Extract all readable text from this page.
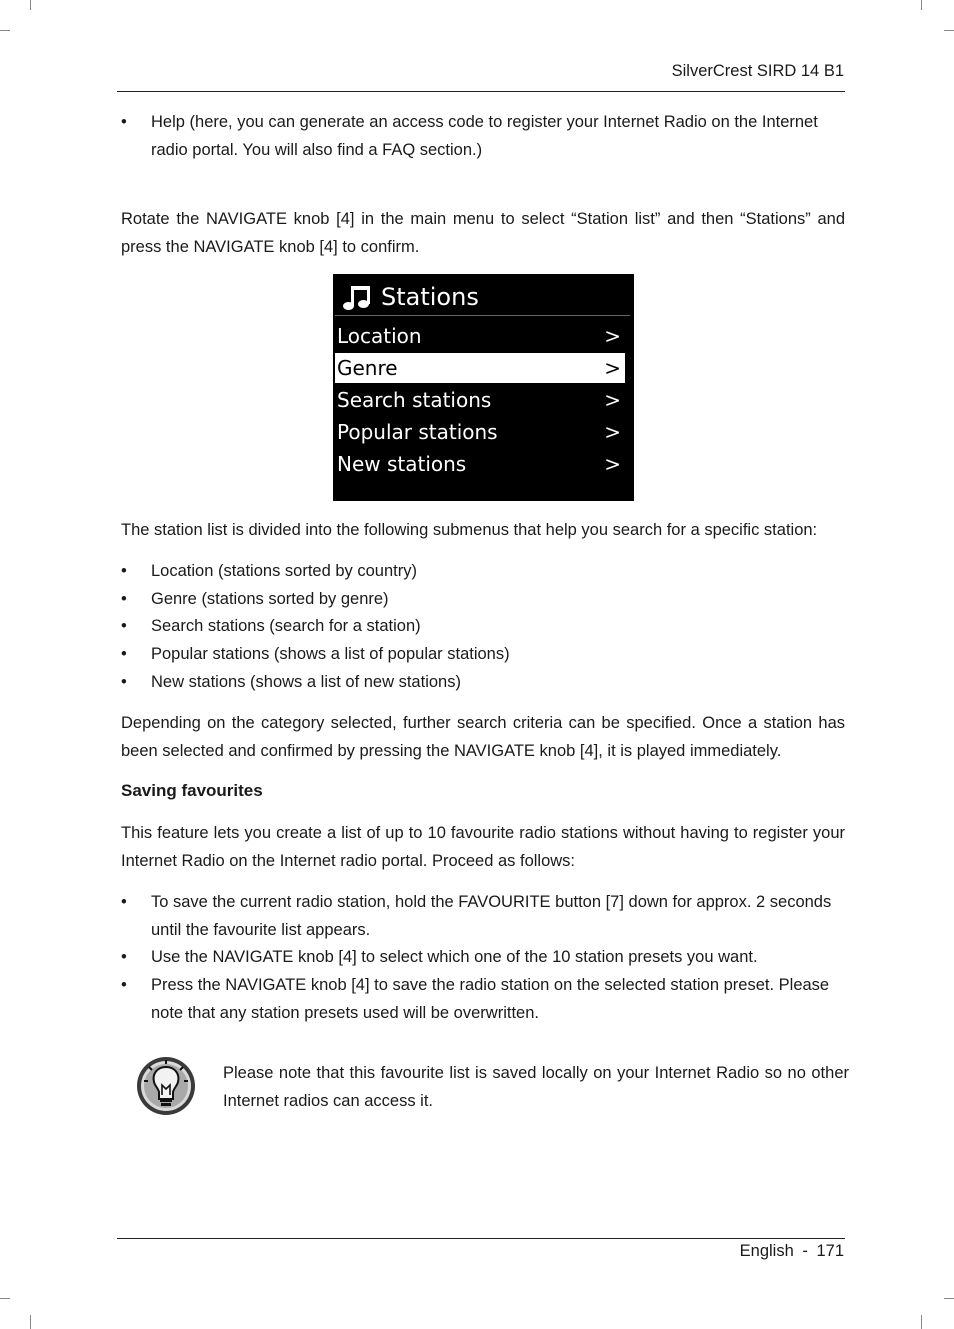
SilverCrest SIRD 14 B1
• Help (here, you can generate an access code to register your Internet Radio on the Internet radio portal. You will also find a FAQ section.)
Rotate the NAVIGATE knob [4] in the main menu to select “Station list” and then “Stations” and press the NAVIGATE knob [4] to confirm.
Stations
Location	>
Genre	>
Search stations	>
Popular stations	>
New stations	>
The station list is divided into the following submenus that help you search for a specific station:
• Location (stations sorted by country)
• Genre (stations sorted by genre)
• Search stations (search for a station)
• Popular stations (shows a list of popular stations)
• New stations (shows a list of new stations)
Depending on the category selected, further search criteria can be specified. Once a station has been selected and confirmed by pressing the NAVIGATE knob [4], it is played immediately.
Saving favourites
This feature lets you create a list of up to 10 favourite radio stations without having to register your Internet Radio on the Internet radio portal. Proceed as follows:
• To save the current radio station, hold the FAVOURITE button [7] down for approx. 2 seconds until the favourite list appears.
• Use the NAVIGATE knob [4] to select which one of the 10 station presets you want.
• Press the NAVIGATE knob [4] to save the radio station on the selected station preset. Please note that any station presets used will be overwritten.
Please note that this favourite list is saved locally on your Internet Radio so no other Internet radios can access it.
English - 171
